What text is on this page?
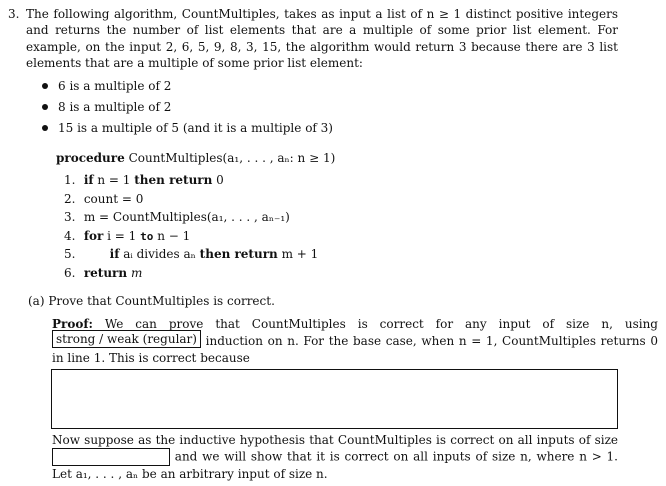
3. The following algorithm, CountMultiples, takes as input a list of n ≥ 1 distinct positive integers and returns the number of list elements that are a multiple of some prior list element. For example, on the input 2, 6, 5, 9, 8, 3, 15, the algorithm would return 3 because there are 3 list elements that are a multiple of some prior list element:
6 is a multiple of 2
8 is a multiple of 2
15 is a multiple of 5 (and it is a multiple of 3)
procedure CountMultiples(a₁, . . . , aₙ: n ≥ 1)
1. if n = 1 then return 0
2. count = 0
3. m = CountMultiples(a₁, . . . , aₙ₋₁)
4. for i = 1 to n − 1
5.	if aᵢ divides aₙ then return m + 1
6. return m
(a) Prove that CountMultiples is correct.
Proof: We can prove that CountMultiples is correct for any input of size n, using strong / weak (regular) induction on n. For the base case, when n = 1, CountMultiples returns 0 in line 1. This is correct because
Now suppose as the inductive hypothesis that CountMultiples is correct on all inputs of size  and we will show that it is correct on all inputs of size n, where n > 1. Let a₁, . . . , aₙ be an arbitrary input of size n.
